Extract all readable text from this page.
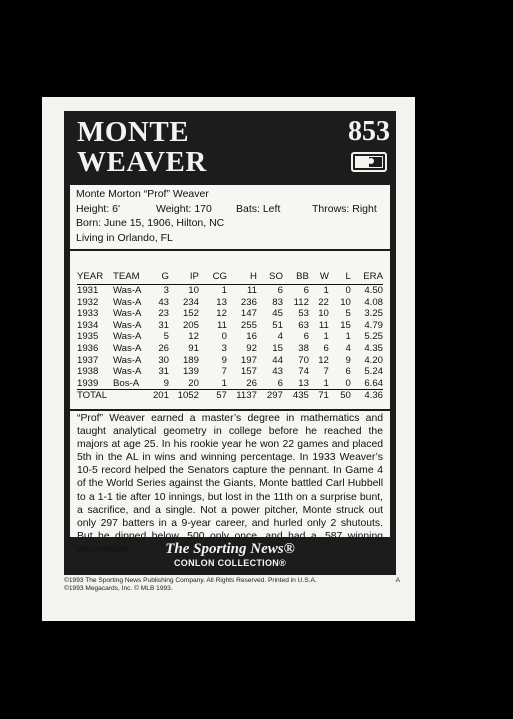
MONTE
WEAVER
853
Monte Morton “Prof” Weaver
Height: 6'	Weight: 170 Bats: Left	Throws: Right
Born: June 15, 1906, Hilton, NC
Living in Orlando, FL
YEAR	TEAM	G	IP	CG	H	SO	BB	W	L	ERA
1931	Was-A	3	10	1	11	6	6	1	0	4.50
1932	Was-A	43	234	13	236	83	112	22	10	4.08
1933	Was-A	23	152	12	147	45	53	10	5	3.25
1934	Was-A	31	205	11	255	51	63	11	15	4.79
1935	Was-A	5	12	0	16	4	6	1	1	5.25
1936	Was-A	26	91	3	92	15	38	6	4	4.35
1937	Was-A	30	189	9	197	44	70	12	9	4.20
1938	Was-A	31	139	7	157	43	74	7	6	5.24
1939	Bos-A	9	20	1	26	6	13	1	0	6.64
TOTAL		201	1052	57	1137	297	435	71	50	4.36
“Prof” Weaver earned a master’s degree in mathematics and taught analytical geometry in college before he reached the majors at age 25. In his rookie year he won 22 games and placed 5th in the AL in wins and winning percentage. In 1933 Weaver’s 10-5 record helped the Senators capture the pennant. In Game 4 of the World Series against the Giants, Monte battled Carl Hubbell to a 1-1 tie after 10 innings, but lost in the 11th on a surprise bunt, a sacrifice, and a single. Not a power pitcher, Monte struck out only 297 batters in a 9-year career, and hurled only 2 shutouts. But he dipped below .500 only once, and had a .587 winning percentage.	The Sporting News®
CONLON COLLECTION®
©1993 The Sporting News Publishing Company. All Rights Reserved. Printed in U.S.A.
©1993 Megacards, Inc. © MLB 1993.
A
